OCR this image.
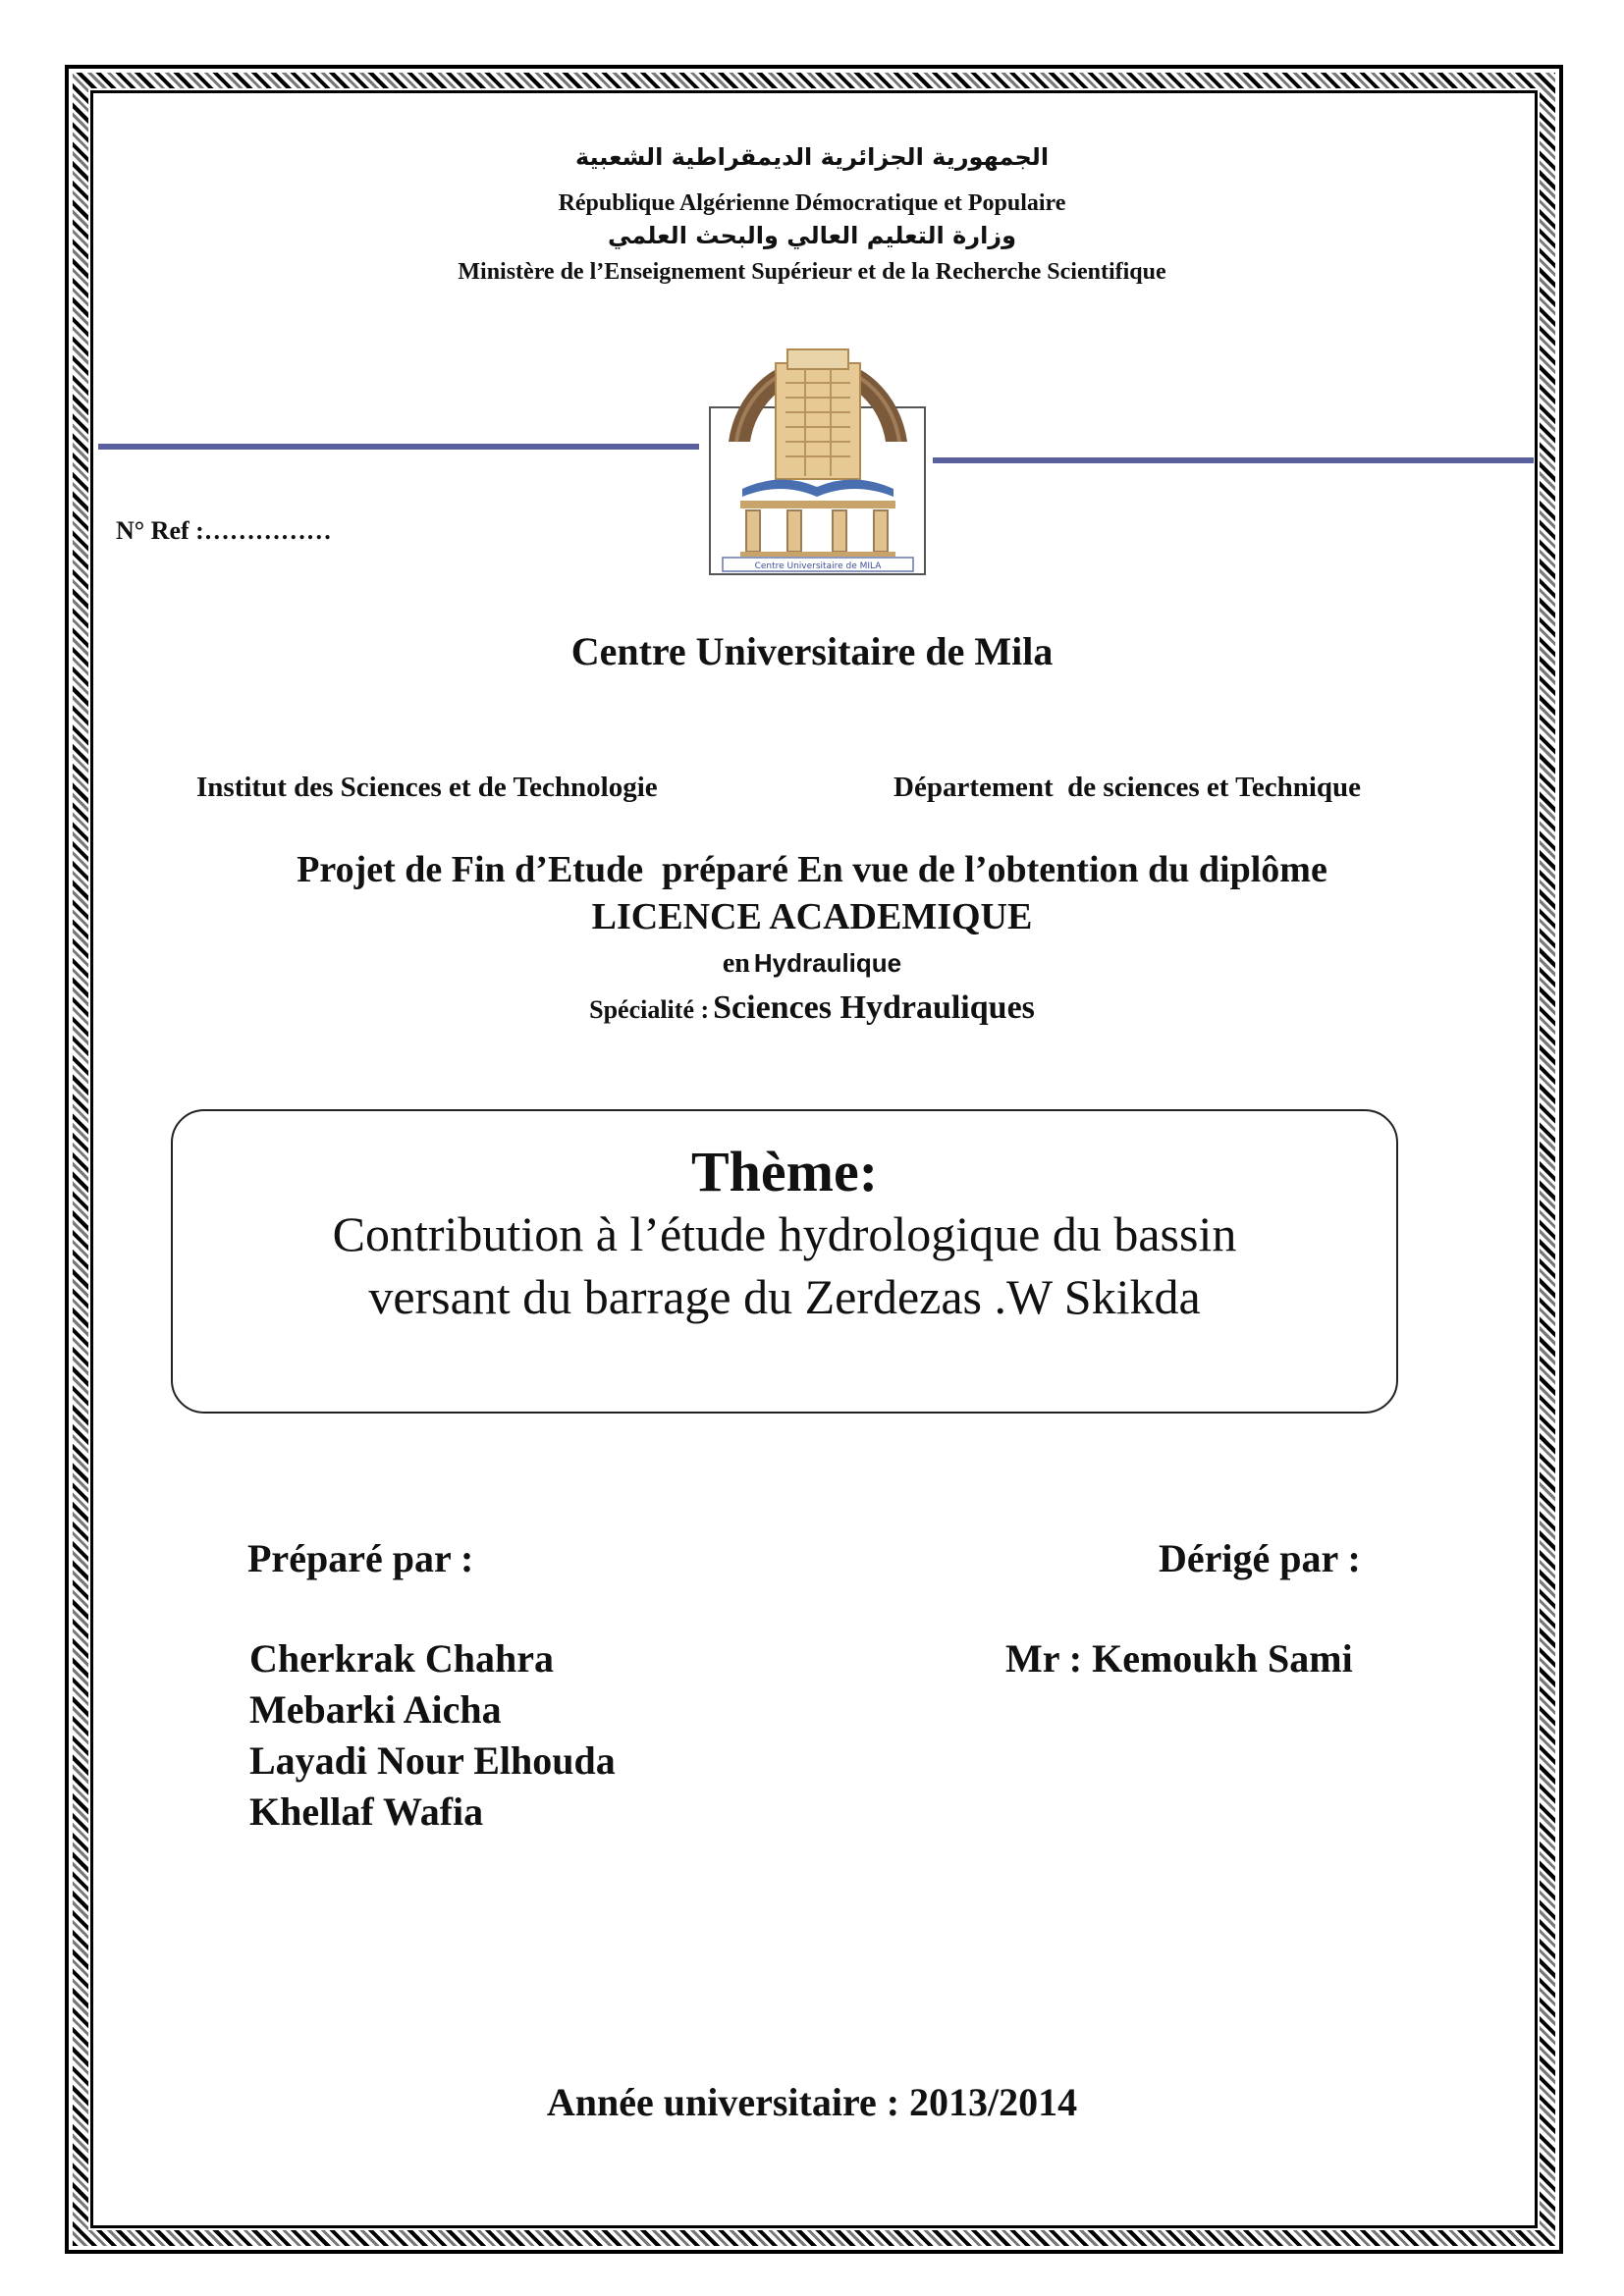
الجمهورية الجزائرية الديمقراطية الشعبية
République Algérienne Démocratique et Populaire
وزارة التعليم العالي والبحث العلمي
Ministère de l’Enseignement Supérieur et de la Recherche Scientifique
Centre Universitaire de MILA
N° Ref :……………
Centre Universitaire de Mila
Institut des Sciences et de Technologie	Département  de sciences et Technique
Projet de Fin d’Etude  préparé En vue de l’obtention du diplôme
LICENCE ACADEMIQUE
en Hydraulique
Spécialité : Sciences Hydrauliques
Thème:
Contribution à l’étude hydrologique du bassin
versant du barrage du Zerdezas .W Skikda
Préparé par :
Cherkrak Chahra
Mebarki Aicha
Layadi Nour Elhouda
Khellaf Wafia
Dérigé par :
Mr : Kemoukh Sami
Année universitaire : 2013/2014
